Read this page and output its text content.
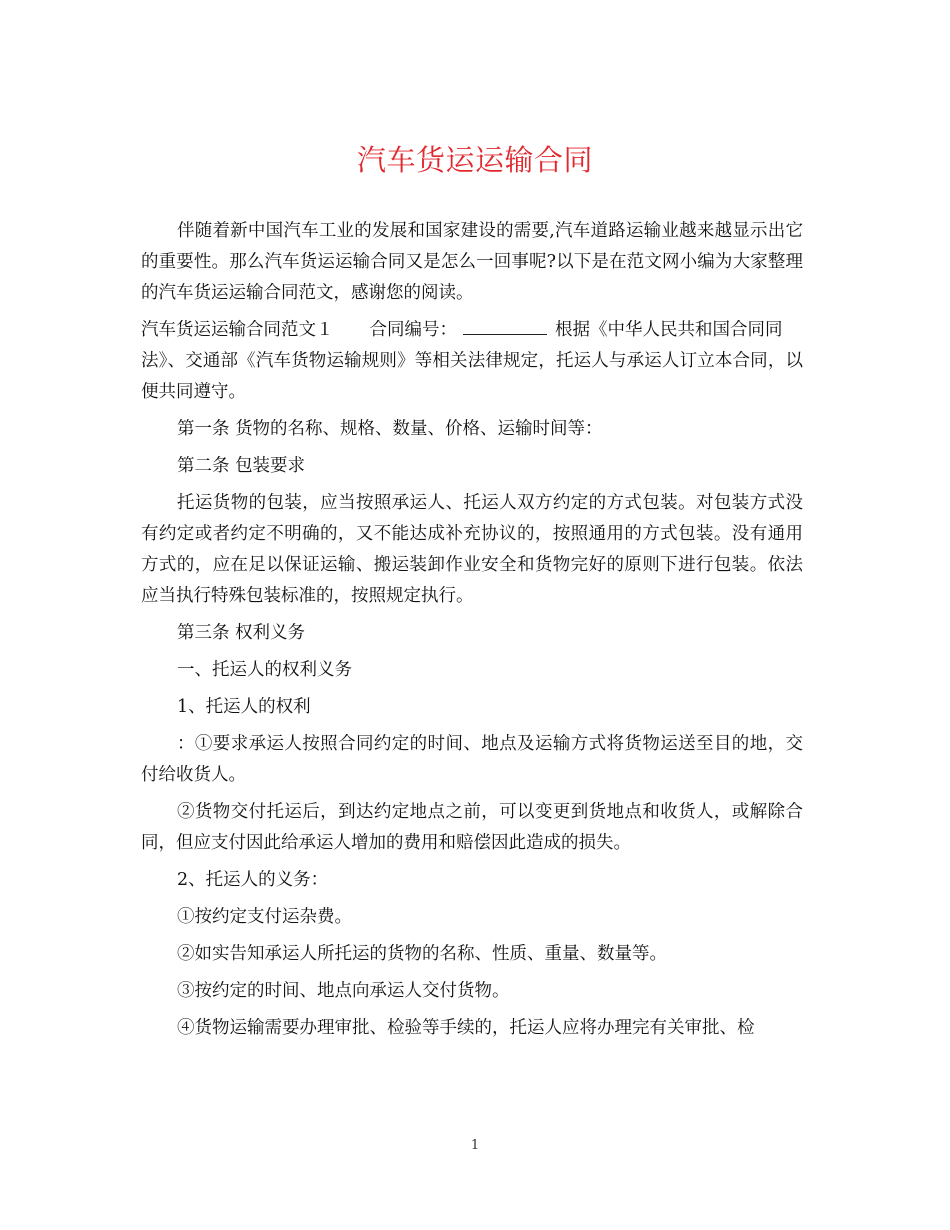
汽车货运运输合同

伴随着新中国汽车工业的发展和国家建设的需要,汽车道路运输业越来越显示出它的重要性。那么汽车货运运输合同又是怎么一回事呢?以下是在范文网小编为大家整理的汽车货运运输合同范文，感谢您的阅读。

汽车货运运输合同范文１ 合同编号：	根据《中华人民共和国合同同
法》、交通部《汽车货物运输规则》等相关法律规定，托运人与承运人订立本合同，以便共同遵守。

第一条 货物的名称、规格、数量、价格、运输时间等：

第二条 包装要求

托运货物的包装，应当按照承运人、托运人双方约定的方式包装。对包装方式没有约定或者约定不明确的，又不能达成补充协议的，按照通用的方式包装。没有通用方式的，应在足以保证运输、搬运装卸作业安全和货物完好的原则下进行包装。依法应当执行特殊包装标准的，按照规定执行。

第三条 权利义务

一、托运人的权利义务

1、托运人的权利

：①要求承运人按照合同约定的时间、地点及运输方式将货物运送至目的地，交付给收货人。

②货物交付托运后，到达约定地点之前，可以变更到货地点和收货人，或解除合同，但应支付因此给承运人增加的费用和赔偿因此造成的损失。

2、托运人的义务：

①按约定支付运杂费。

②如实告知承运人所托运的货物的名称、性质、重量、数量等。

③按约定的时间、地点向承运人交付货物。

④货物运输需要办理审批、检验等手续的，托运人应将办理完有关审批、检

1
